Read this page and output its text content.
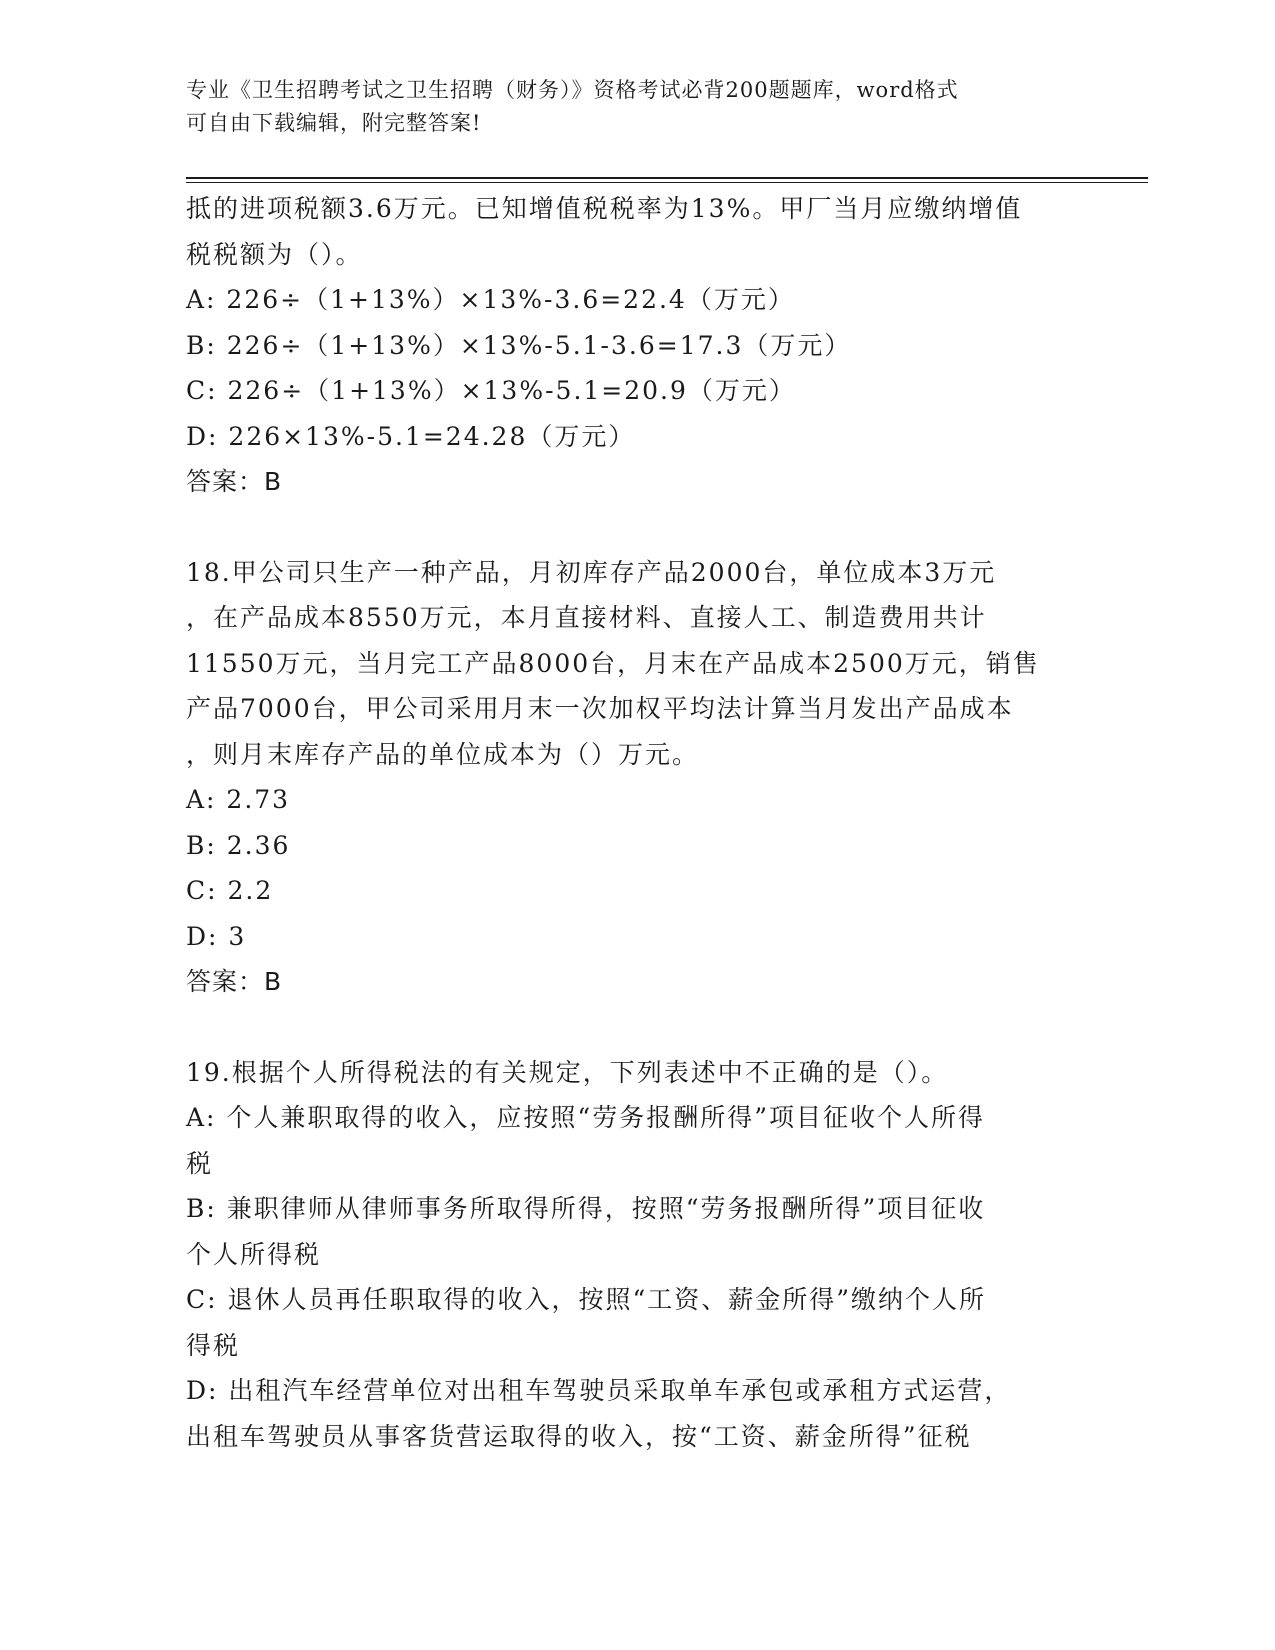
专业《卫生招聘考试之卫生招聘（财务）》资格考试必背200题题库，word格式
可自由下载编辑，附完整答案!
抵的进项税额3.6万元。已知增值税税率为13%。甲厂当月应缴纳增值
税税额为（）。
A: 226÷（1+13%）×13%-3.6=22.4（万元）
B: 226÷（1+13%）×13%-5.1-3.6=17.3（万元）
C: 226÷（1+13%）×13%-5.1=20.9（万元）
D: 226×13%-5.1=24.28（万元）
答案：B
18.甲公司只生产一种产品，月初库存产品2000台，单位成本3万元
，在产品成本8550万元，本月直接材料、直接人工、制造费用共计
11550万元，当月完工产品8000台，月末在产品成本2500万元，销售
产品7000台，甲公司采用月末一次加权平均法计算当月发出产品成本
，则月末库存产品的单位成本为（）万元。
A: 2.73
B: 2.36
C: 2.2
D: 3
答案：B
19.根据个人所得税法的有关规定，下列表述中不正确的是（）。
A: 个人兼职取得的收入，应按照“劳务报酬所得”项目征收个人所得
税
B: 兼职律师从律师事务所取得所得，按照“劳务报酬所得”项目征收
个人所得税
C: 退休人员再任职取得的收入，按照“工资、薪金所得”缴纳个人所
得税
D: 出租汽车经营单位对出租车驾驶员采取单车承包或承租方式运营，
出租车驾驶员从事客货营运取得的收入，按“工资、薪金所得”征税
